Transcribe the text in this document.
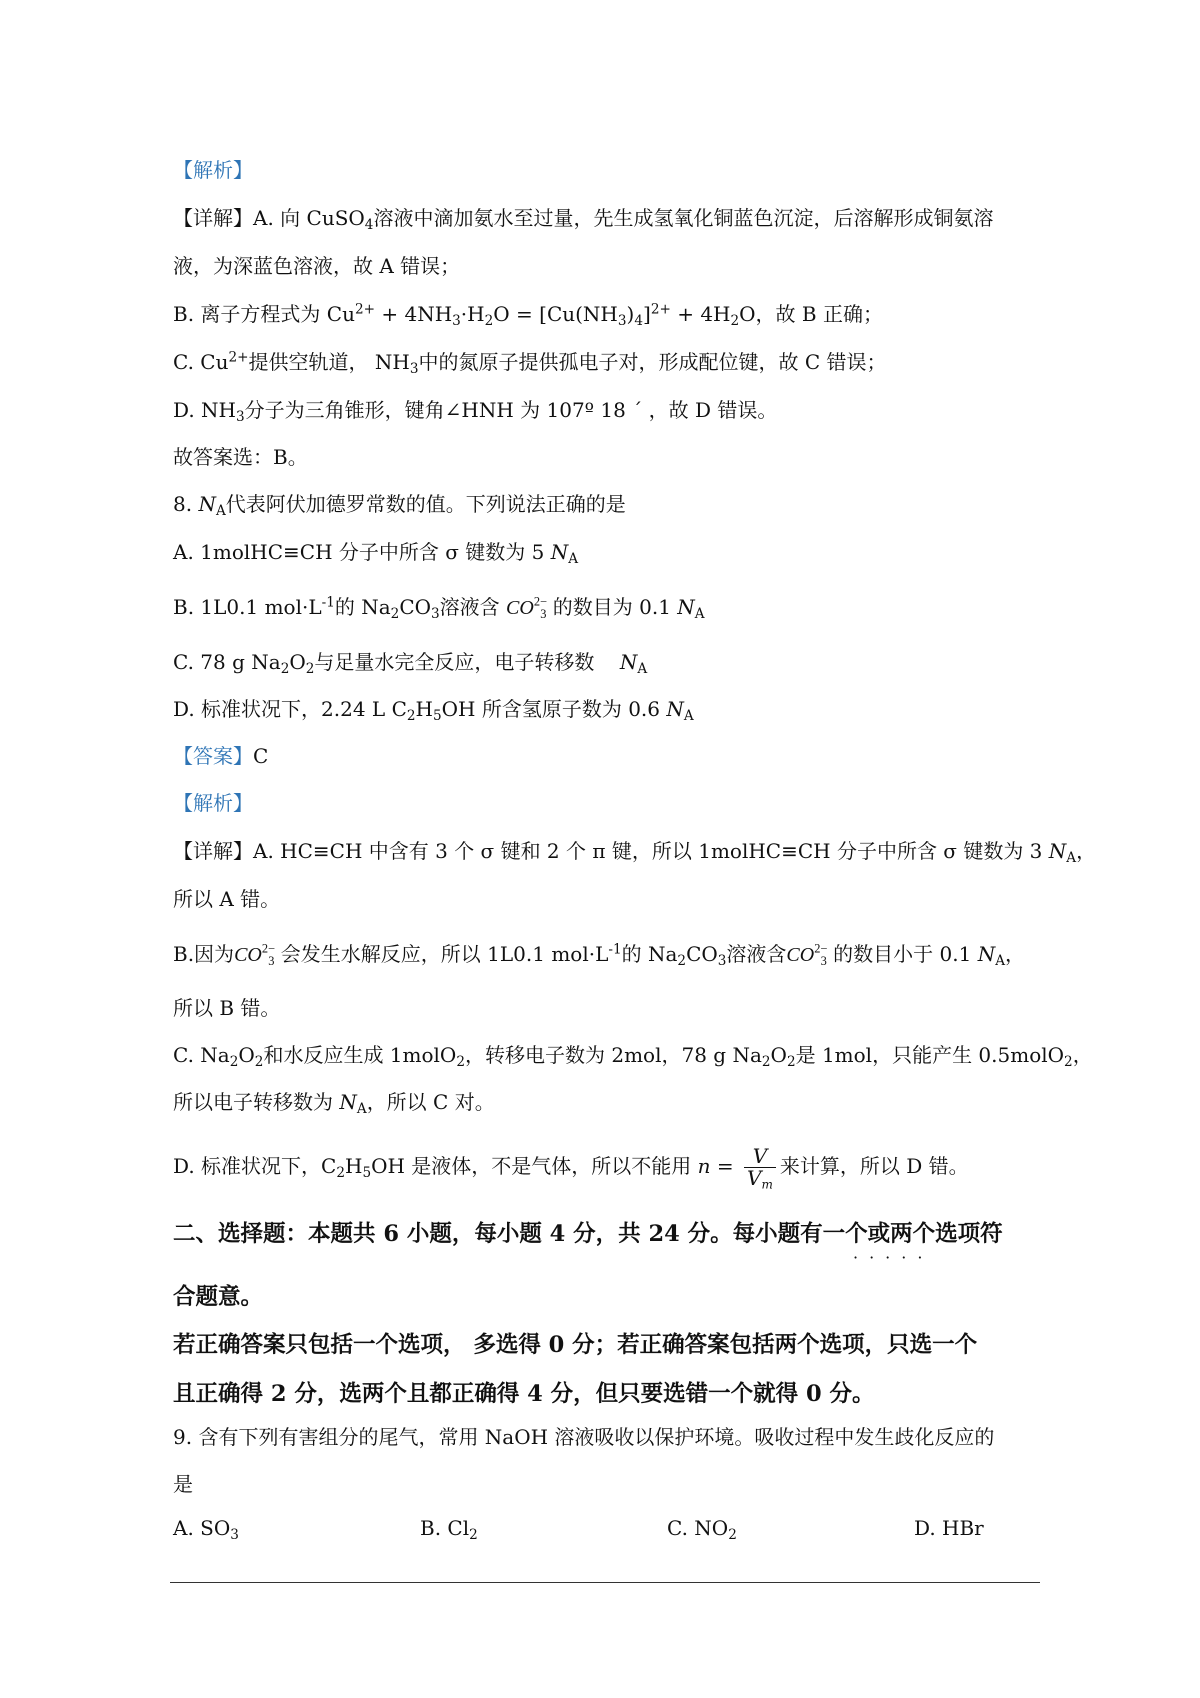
【解析】
【详解】A. 向 CuSO$_4$溶液中滴加氨水至过量，先生成氢氧化铜蓝色沉淀，后溶解形成铜氨溶
液，为深蓝色溶液，故 A 错误；
B. 离子方程式为 $Cu^{2+} + 4NH_3\cdot H_2O = [Cu(NH_3)_4]^{2+} + 4H_2O$，故 B 正确；
C. $Cu^{2+}$提供空轨道， $NH_3$中的氮原子提供孤电子对，形成配位键，故 C 错误；
D. $NH_3$分子为三角锥形，键角∠HNH 为 107º 18 ´ ，故 D 错误。
故答案选：B。
8. $N_A$代表阿伏加德罗常数的值。下列说法正确的是
A. 1molHC≡CH 分子中所含 σ 键数为 5 $N_A$
B. 1L0.1 $mol\cdot L^{-1}$的 $Na_2CO_3$溶液含 $CO^{2-}_3$ 的数目为 0.1 $N_A$
C. 78 g $Na_2O_2$与足量水完全反应，电子转移数 $N_A$
D. 标准状况下，2.24 L $C_2H_5OH$ 所含氢原子数为 0.6 $N_A$
【答案】C
【解析】
【详解】A. HC≡CH 中含有 3 个 σ 键和 2 个 π 键，所以 1molHC≡CH 分子中所含 σ 键数为 3 $N_A$，
所以 A 错。
B.因为$CO^{2-}_3$ 会发生水解反应，所以 1L0.1 $mol\cdot L^{-1}$的 $Na_2CO_3$溶液含$CO^{2-}_3$ 的数目小于 0.1 $N_A$，
所以 B 错。
C. $Na_2O_2$和水反应生成 1molO$_2$，转移电子数为 2mol，78 g $Na_2O_2$是 1mol，只能产生 0.5molO$_2$，
所以电子转移数为 $N_A$，所以 C 对。
D. 标准状况下，$C_2H_5OH$ 是液体，不是气体，所以不能用 $n = \frac{V}{V_m}$ 来计算，所以 D 错。
二、选择题：本题共 6 小题，每小题 4 分，共 24 分。每小题有一个或两个选项符
·····
合题意。
若正确答案只包括一个选项， 多选得 0 分；若正确答案包括两个选项，只选一个
且正确得 2 分，选两个且都正确得 4 分，但只要选错一个就得 0 分。
9. 含有下列有害组分的尾气，常用 NaOH 溶液吸收以保护环境。吸收过程中发生歧化反应的
是
A. $SO_3$	B. $Cl_2$	C. $NO_2$	D. HBr
